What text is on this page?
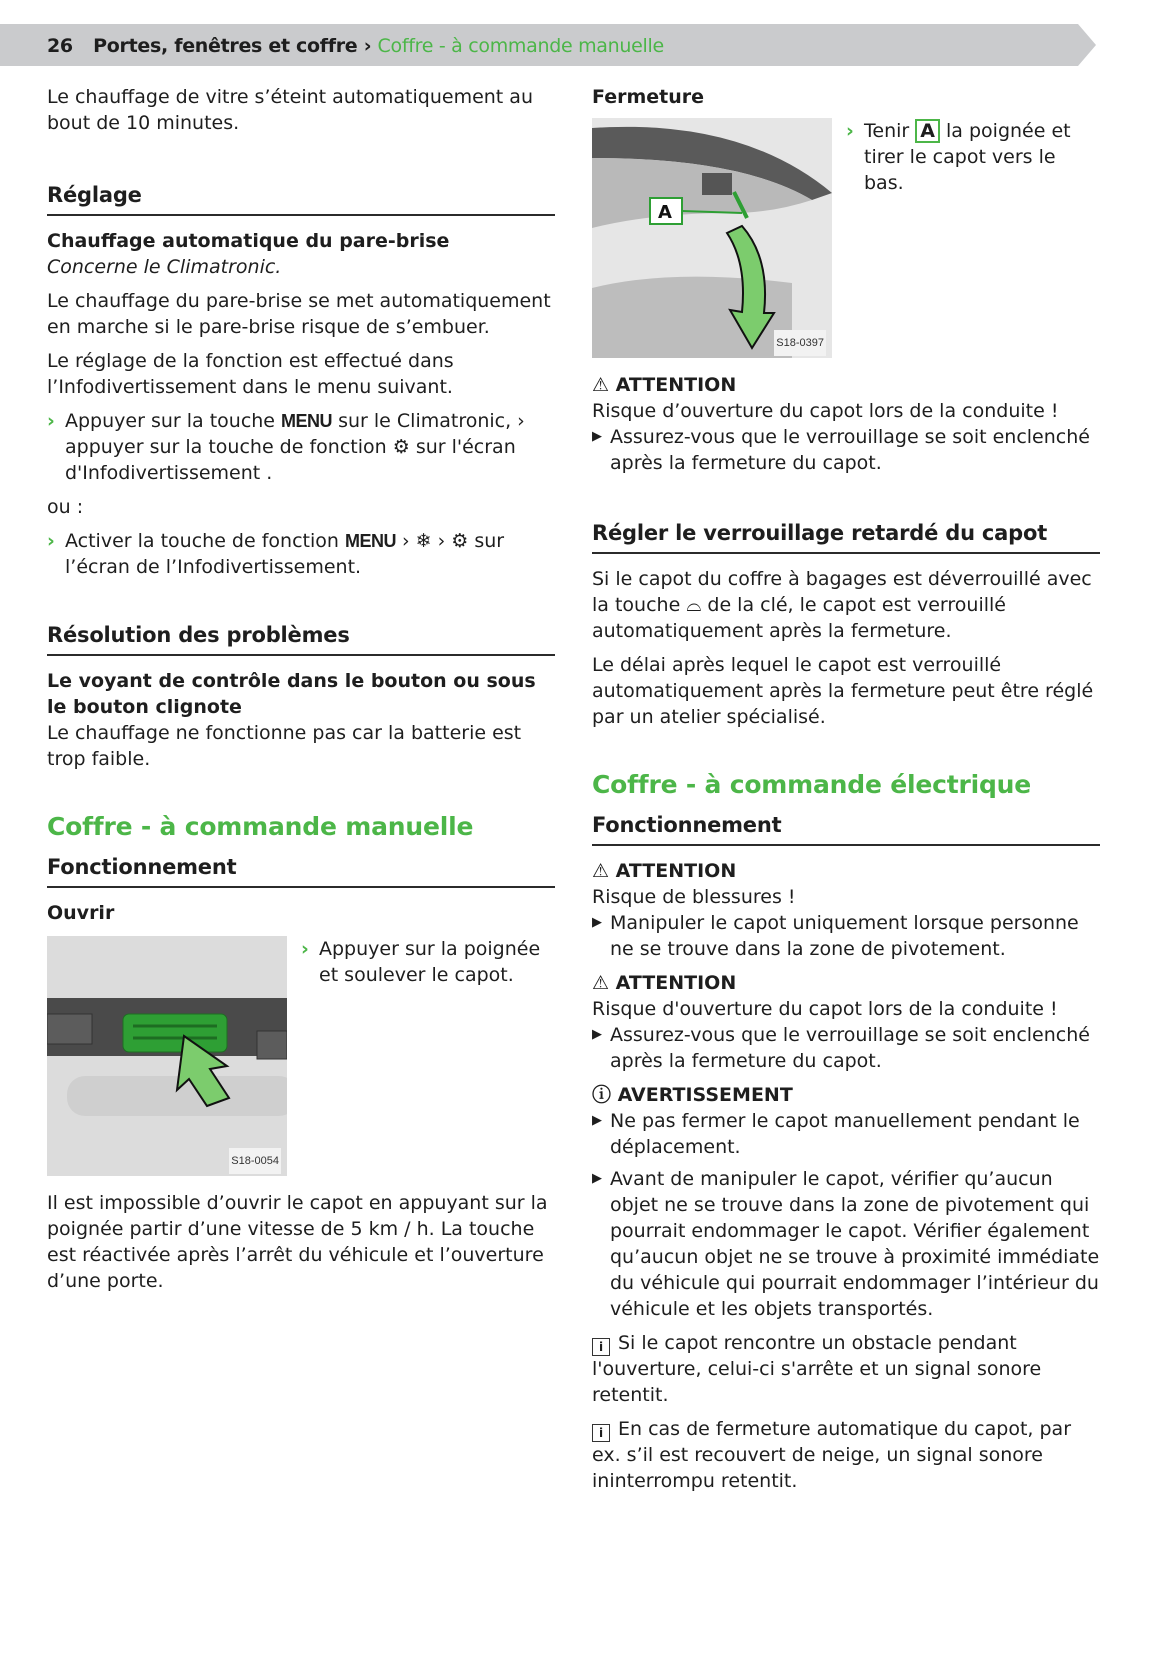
26 Portes, fenêtres et coffre › Coffre - à commande manuelle

Le chauffage de vitre s’éteint automatiquement au bout de 10 minutes.

Réglage
Chauffage automatique du pare-brise

Concerne le Climatronic.

Le chauffage du pare-brise se met automatiquement en marche si le pare-brise risque de s’embuer.

Le réglage de la fonction est effectué dans l’Infodivertissement dans le menu suivant.

› Appuyer sur la touche MENU sur le Climatronic, › appuyer sur la touche de fonction ⚙ sur l'écran d'Infodivertissement .

ou :

› Activer la touche de fonction MENU › ❄ › ⚙ sur l’écran de l’Infodivertissement.
Résolution des problèmes
Le voyant de contrôle dans le bouton ou sous le bouton clignote

Le chauffage ne fonctionne pas car la batterie est trop faible.

Coffre - à commande manuelle
Fonctionnement
Ouvrir
S18-0054
› Appuyer sur la poignée et soulever le capot.

Il est impossible d’ouvrir le capot en appuyant sur la poignée partir d’une vitesse de 5 km / h. La touche est réactivée après l’arrêt du véhicule et l’ouverture d’une porte.

Fermeture
A
S18-0397
› Tenir A la poignée et tirer le capot vers le bas.
⚠ ATTENTION
Risque d’ouverture du capot lors de la conduite !
▶ Assurez-vous que le verrouillage se soit enclenché après la fermeture du capot.
Régler le verrouillage retardé du capot

Si le capot du coffre à bagages est déverrouillé avec la touche ⌓ de la clé, le capot est verrouillé automatiquement après la fermeture.

Le délai après lequel le capot est verrouillé automatiquement après la fermeture peut être réglé par un atelier spécialisé.

Coffre - à commande électrique
Fonctionnement
⚠ ATTENTION
Risque de blessures !
▶ Manipuler le capot uniquement lorsque personne ne se trouve dans la zone de pivotement.
⚠ ATTENTION
Risque d'ouverture du capot lors de la conduite !
▶ Assurez-vous que le verrouillage se soit enclenché après la fermeture du capot.
ⓘ AVERTISSEMENT
▶ Ne pas fermer le capot manuellement pendant le déplacement.
▶ Avant de manipuler le capot, vérifier qu’aucun objet ne se trouve dans la zone de pivotement qui pourrait endommager le capot. Vérifier également qu’aucun objet ne se trouve à proximité immédiate du véhicule qui pourrait endommager l’intérieur du véhicule et les objets transportés.

i Si le capot rencontre un obstacle pendant l'ouverture, celui-ci s'arrête et un signal sonore retentit.

i En cas de fermeture automatique du capot, par ex. s’il est recouvert de neige, un signal sonore ininterrompu retentit.
